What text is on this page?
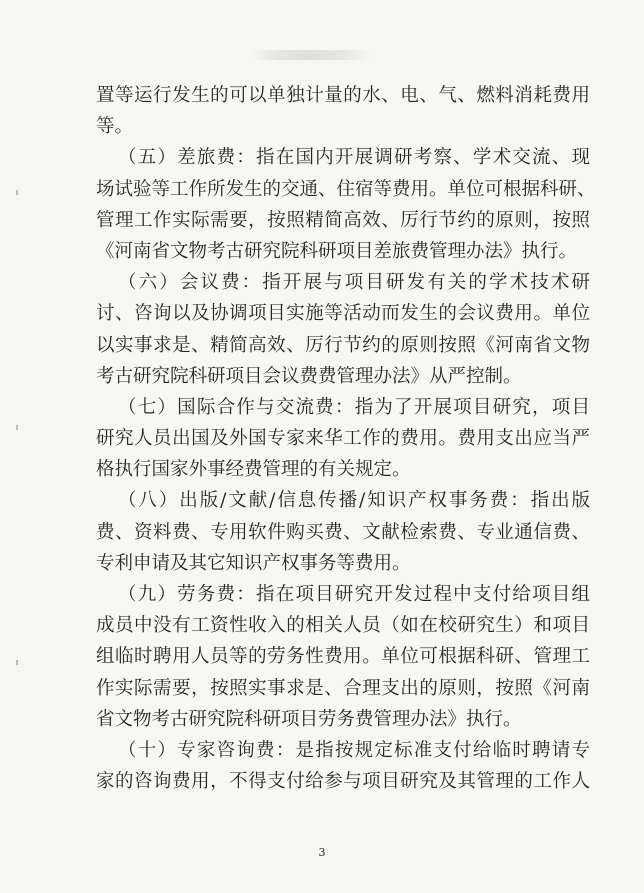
置等运行发生的可以单独计量的水、电、气、燃料消耗费用
等。
（五）差旅费：指在国内开展调研考察、学术交流、现
场试验等工作所发生的交通、住宿等费用。单位可根据科研、
管理工作实际需要，按照精简高效、厉行节约的原则，按照
《河南省文物考古研究院科研项目差旅费管理办法》执行。
（六）会议费：指开展与项目研发有关的学术技术研
讨、咨询以及协调项目实施等活动而发生的会议费用。单位
以实事求是、精简高效、厉行节约的原则按照《河南省文物
考古研究院科研项目会议费费管理办法》从严控制。
（七）国际合作与交流费：指为了开展项目研究，项目
研究人员出国及外国专家来华工作的费用。费用支出应当严
格执行国家外事经费管理的有关规定。
（八）出版/文献/信息传播/知识产权事务费：指出版
费、资料费、专用软件购买费、文献检索费、专业通信费、
专利申请及其它知识产权事务等费用。
（九）劳务费：指在项目研究开发过程中支付给项目组
成员中没有工资性收入的相关人员（如在校研究生）和项目
组临时聘用人员等的劳务性费用。单位可根据科研、管理工
作实际需要，按照实事求是、合理支出的原则，按照《河南
省文物考古研究院科研项目劳务费管理办法》执行。
（十）专家咨询费：是指按规定标准支付给临时聘请专
家的咨询费用，不得支付给参与项目研究及其管理的工作人
3
